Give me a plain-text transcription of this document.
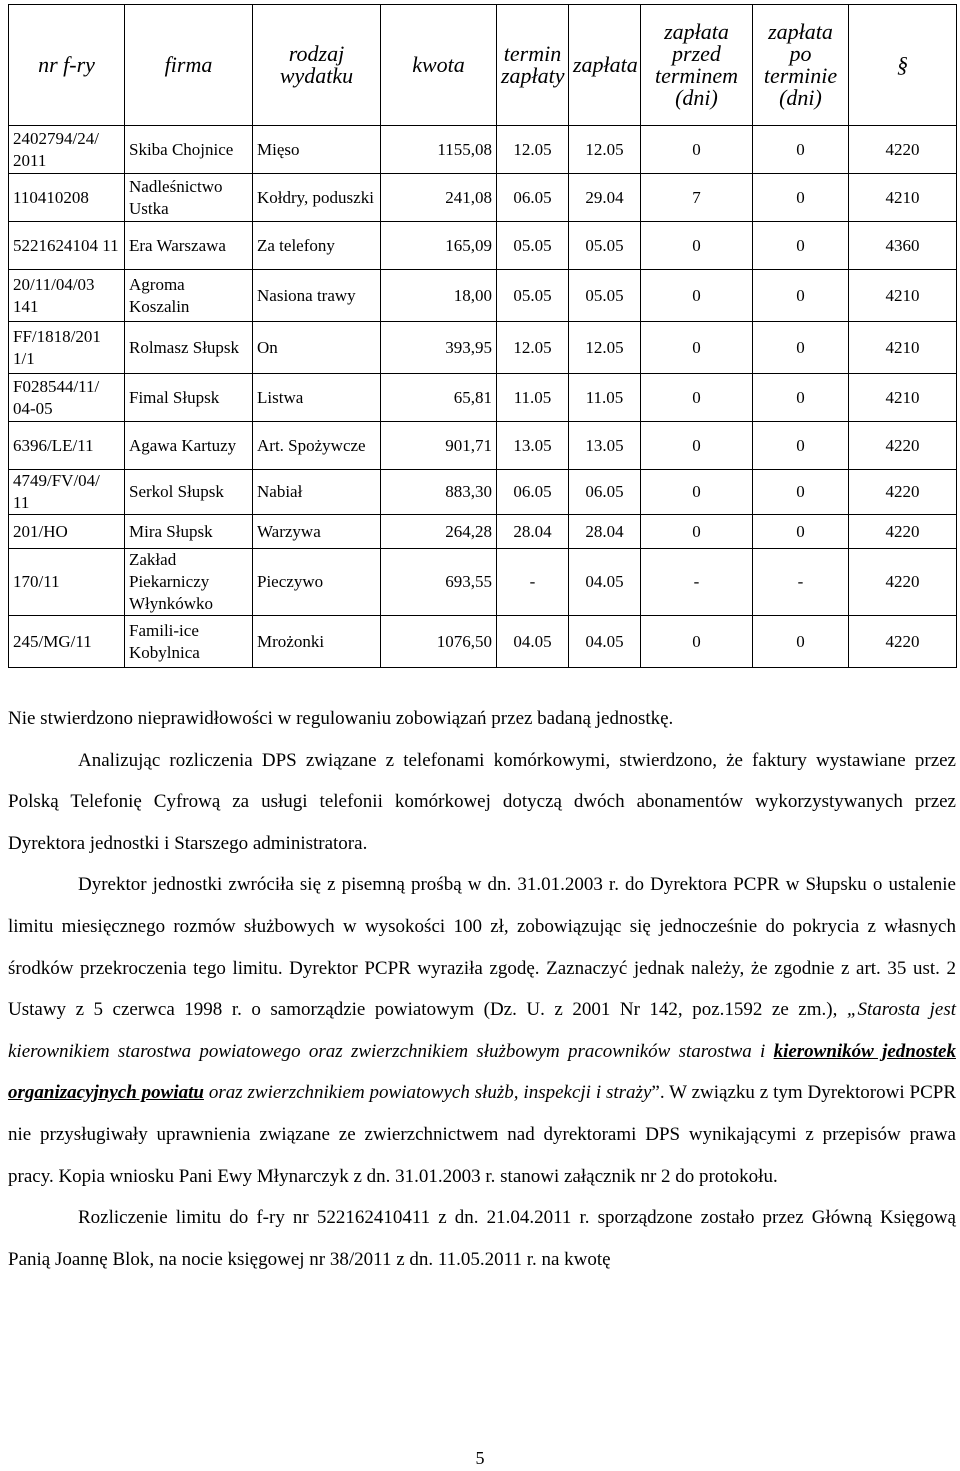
nr f-ry	firma	rodzaj wydatku	kwota	termin zapłaty	zapłata	zapłata przed terminem (dni)	zapłata po terminie (dni)	§
2402794/24/ 2011	Skiba Chojnice	Mięso	1155,08	12.05	12.05	0	0	4220
110410208	Nadleśnictwo Ustka	Kołdry, poduszki	241,08	06.05	29.04	7	0	4210
5221624104 11	Era Warszawa	Za telefony	165,09	05.05	05.05	0	0	4360
20/11/04/03 141	Agroma Koszalin	Nasiona trawy	18,00	05.05	05.05	0	0	4210
FF/1818/201 1/1	Rolmasz Słupsk	On	393,95	12.05	12.05	0	0	4210
F028544/11/ 04-05	Fimal Słupsk	Listwa	65,81	11.05	11.05	0	0	4210
6396/LE/11	Agawa Kartuzy	Art. Spożywcze	901,71	13.05	13.05	0	0	4220
4749/FV/04/ 11	Serkol Słupsk	Nabiał	883,30	06.05	06.05	0	0	4220
201/HO	Mira Słupsk	Warzywa	264,28	28.04	28.04	0	0	4220
170/11	Zakład Piekarniczy Włynkówko	Pieczywo	693,55	-	04.05	-	-	4220
245/MG/11	Famili-ice Kobylnica	Mrożonki	1076,50	04.05	04.05	0	0	4220

Nie stwierdzono nieprawidłowości w regulowaniu zobowiązań przez badaną jednostkę.

Analizując rozliczenia DPS związane z telefonami komórkowymi, stwierdzono, że faktury wystawiane przez Polską Telefonię Cyfrową za usługi telefonii komórkowej dotyczą dwóch abonamentów wykorzystywanych przez Dyrektora jednostki i Starszego administratora.

Dyrektor jednostki zwróciła się z pisemną prośbą w dn. 31.01.2003 r. do Dyrektora PCPR w Słupsku o ustalenie limitu miesięcznego rozmów służbowych w wysokości 100 zł, zobowiązując się jednocześnie do pokrycia z własnych środków przekroczenia tego limitu. Dyrektor PCPR wyraziła zgodę. Zaznaczyć jednak należy, że zgodnie z art. 35 ust. 2 Ustawy z 5 czerwca 1998 r. o samorządzie powiatowym (Dz. U. z 2001 Nr 142, poz.1592 ze zm.), „Starosta jest kierownikiem starostwa powiatowego oraz zwierzchnikiem służbowym pracowników starostwa i kierowników jednostek organizacyjnych powiatu oraz zwierzchnikiem powiatowych służb, inspekcji i straży”. W związku z tym Dyrektorowi PCPR nie przysługiwały uprawnienia związane ze zwierzchnictwem nad dyrektorami DPS wynikającymi z przepisów prawa pracy. Kopia wniosku Pani Ewy Młynarczyk z dn. 31.01.2003 r. stanowi załącznik nr 2 do protokołu.

Rozliczenie limitu do f-ry nr 522162410411 z dn. 21.04.2011 r. sporządzone zostało przez Główną Księgową Panią Joannę Blok, na nocie księgowej nr 38/2011 z dn. 11.05.2011 r. na kwotę

5
